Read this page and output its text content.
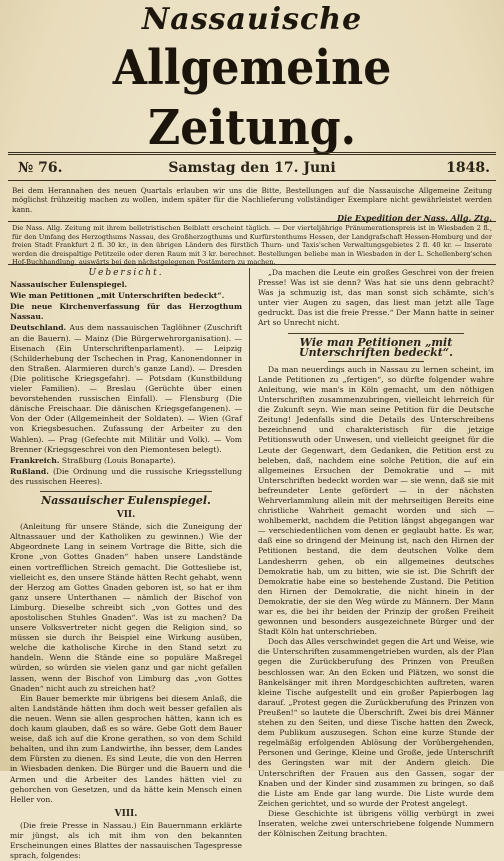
Nassauische
Allgemeine Zeitung.
№ 76.	Samstag den 17. Juni	1848.
Bei dem Herannahen des neuen Quartals erlauben wir uns die Bitte, Bestellungen auf die Nassauische Allgemeine Zeitung möglichst frühzeitig machen zu wollen, indem später für die Nachlieferung vollständiger Exemplare nicht gewährleistet werden kann.
Die Expedition der Nass. Allg. Ztg.
Die Nass. Allg. Zeitung mit ihrem belletristischen Beiblatt erscheint täglich. — Der vierteljährige Pränumerationspreis ist in Wiesbaden 2 fl., für den Umfang des Herzogthums Nassau, des Großherzogthums und Kurfürstenthums Hessen, der Landgrafschaft Hessen-Homburg und der freien Stadt Frankfurt 2 fl. 30 kr., in den übrigen Ländern des fürstlich Thurn- und Taxis'schen Verwaltungsgebietes 2 fl. 40 kr. — Inserate werden die dreispaltige Petitzeile oder deren Raum mit 3 kr. berechnet. Bestellungen beliebe man in Wiesbaden in der L. Schellenberg'schen Hof-Buchhandlung, auswärts bei den nächstgelegenen Postämtern zu machen.
Uebersicht.

Nassauischer Eulenspiegel.

Wie man Petitionen „mit Unterschriften bedeckt“.

Die neue Kirchenverfassung für das Herzogthum Nassau.

Deutschland. Aus dem nassauischen Taglöhner (Zuschrift an die Bauern). — Mainz (Die Bürgerwehrorganisation). — Eisenach (Ein Unterschriftenparlament). — Leipzig (Schilderhebung der Tschechen in Prag, Kanonendonner in den Straßen. Alarmieren durch's ganze Land). — Dresden (Die politische Kriegsgefahr). — Potsdam (Kunstbildung vieler Familien). — Breslau (Gerüchte über einen bevorstehenden russischen Einfall). — Flensburg (Die dänische Freischaar. Die dänischen Kriegsgefangenen). — Von der Oder (Allgemeinheit der Soldaten). — Wien (Graf von Kriegsbesuchen. Zufassung der Arbeiter zu den Wahlen). — Prag (Gefechte mit Militär und Volk). — Vom Brenner (Kriegsgeschrei von den Piemontesen belegt).

Frankreich. Straßburg (Louis Bonaparte).

Rußland. (Die Ordnung und die russische Kriegsstellung des russischen Heeres).

Nassauischer Eulenspiegel.
VII.

(Anleitung für unsere Stände, sich die Zuneigung der Altnassauer und der Katholiken zu gewinnen.) Wie der Abgeordnete Lang in seinem Vortrage die Bitte, sich die Krone „von Gottes Gnaden“ haben unsere Landstände einen vortrefflichen Streich gemacht. Die Gottesliebe ist, vielleicht es, den unsere Stände hätten Recht gehabt, wenn der Herzog am Gottes Gnaden geboren ist, so hat er ihm ganz unsere Unterthanen — nämlich der Bischof von Limburg. Dieselbe schreibt sich „von Gottes und des apostolischen Stuhles Gnaden“. Was ist zu machen? Da unsere Volksvertreter nicht gegen die Religion sind, so müssen sie durch ihr Beispiel eine Wirkung ausüben, welche die katholische Kirche in den Stand setzt zu handeln. Wenn die Stände eine so populäre Maßregel würden, so würden sie vielen ganz und gar nicht gefallen lassen, wenn der Bischof von Limburg das „von Gottes Gnaden“ nicht auch zu streichen hat?

Ein Bauer bemerkte mir übrigens bei diesem Anlaß, die alten Landstände hätten ihm doch weit besser gefallen als die neuen. Wenn sie allen gesprochen hätten, kann ich es doch kaum glauben, daß es so wäre. Gebe Gott dem Bauer weise, daß ich auf die Krone gerathen, so von dem Schild behalten, und ihn zum Landwirthe, ihn besser, dem Landes dem Fürsten zu dienen. Es sind Leute, die von den Herren in Wiesbaden denken. Die Bürger und die Bauern und die Armen und die Arbeiter des Landes hätten viel zu gehorchen von Gesetzen, und da hätte kein Mensch einen Heller von.

VIII.

(Die freie Presse in Nassau.) Ein Bauernmann erklärte mir jüngst, als ich mit ihm von den bekannten Erscheinungen eines Blattes der nassauischen Tagespresse sprach, folgendes:

„Da machen die Leute ein großes Geschrei von der freien Presse! Was ist sie denn? Was hat sie uns denn gebracht? Was ja schmuzig ist, das man sonst sich schämte, sich's unter vier Augen zu sagen, das liest man jetzt alle Tage gedruckt. Das ist die freie Presse.“ Der Mann hatte in seiner Art so Unrecht nicht.

Wie man Petitionen „mit Unterschriften bedeckt“.

Da man neuerdings auch in Nassau zu lernen scheint, im Lande Petitionen zu „fertigen“, so dürfte folgender wahre Anleitung, wie man's in Köln gemacht, um den nöthigen Unterschriften zusammenzubringen, vielleicht lehrreich für die Zukunft seyn. Wie man seine Petition für die Deutsche Zeitung! Jedenfalls sind die Details des Unterschreibens bezeichnend und charakteristisch für die jetzige Petitionswuth oder Unwesen, und vielleicht geeignet für die Leute der Gegenwart, dem Gedanken, die Petition erst zu beleben, daß, nachdem eine solche Petition, die auf ein allgemeines Ersuchen der Demokratie und — mit Unterschriften bedeckt worden war — sie wenn, daß sie mit befreundeter Lente gefördert — in der nächsten Wehrverlammlung allein mit der mehrseitigen Bereits eine christliche Wahrheit gemacht worden und sich — wohlbemerkt, nachdem die Petition längst abgegangen war — verschiedentlichen vom denen er geglaubt hatte. Es war, daß eine so dringend der Meinung ist, nach den Hirnen der Petitionen bestand, die dem deutschen Volke dem Landesherrn gehen, ob ein allgemeines deutsches Demokratie hab, um zu bitten, wie sie ist. Die Schrift der Demokratie habe eine so bestehende Zustand. Die Petition den Hirnen der Demokratie, die nicht hinein in der Demokratie, der sie den Weg würde zu Männern. Der Mann war es, die bei ihr beiden der Prinzip der großen Freiheit gewonnen und besonders ausgezeichnete Bürger und der Stadt Köln hat unterschrieben.

Doch das Alles verschwindet gegen die Art und Weise, wie die Unterschriften zusammengetrieben wurden, als der Plan gegen die Zurückberufung des Prinzen von Preußen beschlossen war. An den Ecken und Plätzen, wo sonst die Bankelsänger mit ihren Mordgeschichten auftreten, waren kleine Tische aufgestellt und ein großer Papierbogen lag darauf. „Protest gegen die Zurückberufung des Prinzen von Preußen!“ so lautete die Überschrift. Zwei bis drei Männer stehen zu den Seiten, und diese Tische hatten den Zweck, dem Publikum auszusegen. Schon eine kurze Stunde der regelmäßig erfolgenden Ablösung der Vorübergehenden, Personen und Geringe, Kleine und Große, jede Unterschrift des Geringsten war mit der Andern gleich. Die Unterschriften der Frauen aus den Gassen, sogar der Knaben und der Kinder sind zusammen zu bringen, so daß die Liste am Ende gar lang wurde. Die Liste wurde dem Zeichen gerichtet, und so wurde der Protest angelegt.

Diese Geschichte ist übrigens völlig verbürgt in zwei Inseraten, welche zwei unterschriebene folgende Nummern der Kölnischen Zeitung brachten.
